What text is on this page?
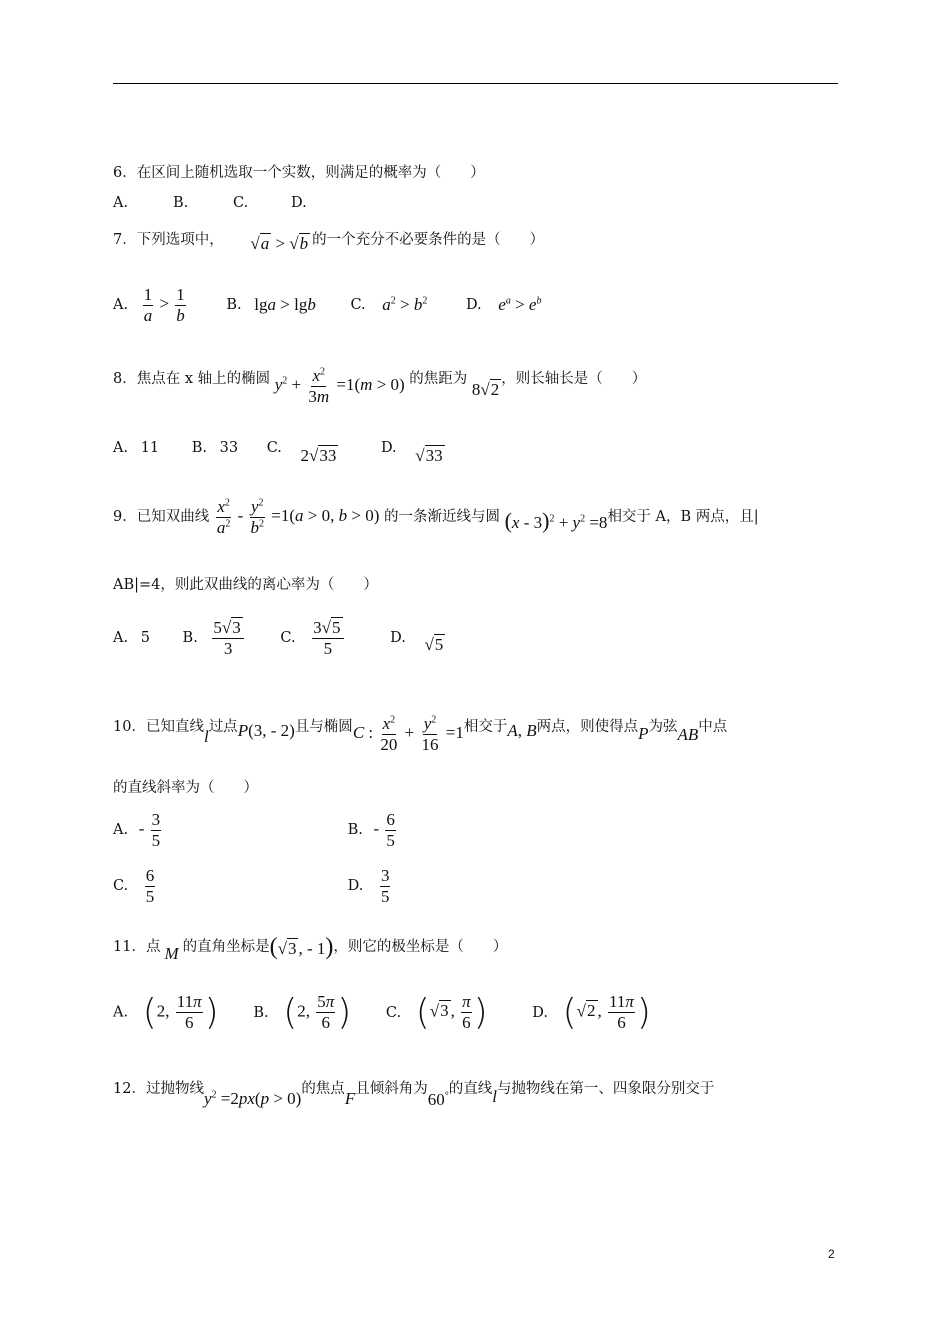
6．在区间上随机选取一个实数，则满足的概率为（　　）
A.	B.	C.	D.
7．下列选项中， √a > √b 的一个充分不必要条件的是（　　）
A. $\frac{1}{a} > \frac{1}{b}$	B. lga > lgb C. $a^2 > b^2$	D. $e^a > e^b$
8．焦点在 x 轴上的椭圆 $y^2 + \frac{x^2}{3m} =1(m > 0)$ 的焦距为 8√2，则长轴长是（　　）
A. 11 B. 33 C. 2√33	D. √33
9．已知双曲线 $\frac{x^2}{a^2} - \frac{y^2}{b^2} =1(a > 0$, b > 0) 的一条渐近线与圆 $(x - 3)^2 + y^2 =8$相交于 A，B 两点，且|
AB|=4，则此双曲线的离心率为（　　）
A. 5 B. $\frac{5√3}{3}$	C. $\frac{3√5}{5}$	D. √5
10．已知直线l过点P(3, - 2)且与椭圆C : $\frac{x^2}{20} + \frac{y^2}{16} =1$相交于A, B两点，则使得点P为弦AB中点
的直线斜率为（　　）
A. - $\frac{3}{5}$	B. - $\frac{6}{5}$
C. $\frac{6}{5}$	D. $\frac{3}{5}$
11．点 M 的直角坐标是(√3 , - 1)，则它的极坐标是（　　）
A. (2, $\frac{11\pi}{6}$ ) B. (2, $\frac{5\pi}{6}$ ) C. (√3 , $\frac{\pi}{6}$ )	D. (√2 , $\frac{11\pi}{6}$ )
12．过抛物线$y^2 =2px(p > 0)$的焦点F且倾斜角为60°的直线l与抛物线在第一、四象限分别交于
2
